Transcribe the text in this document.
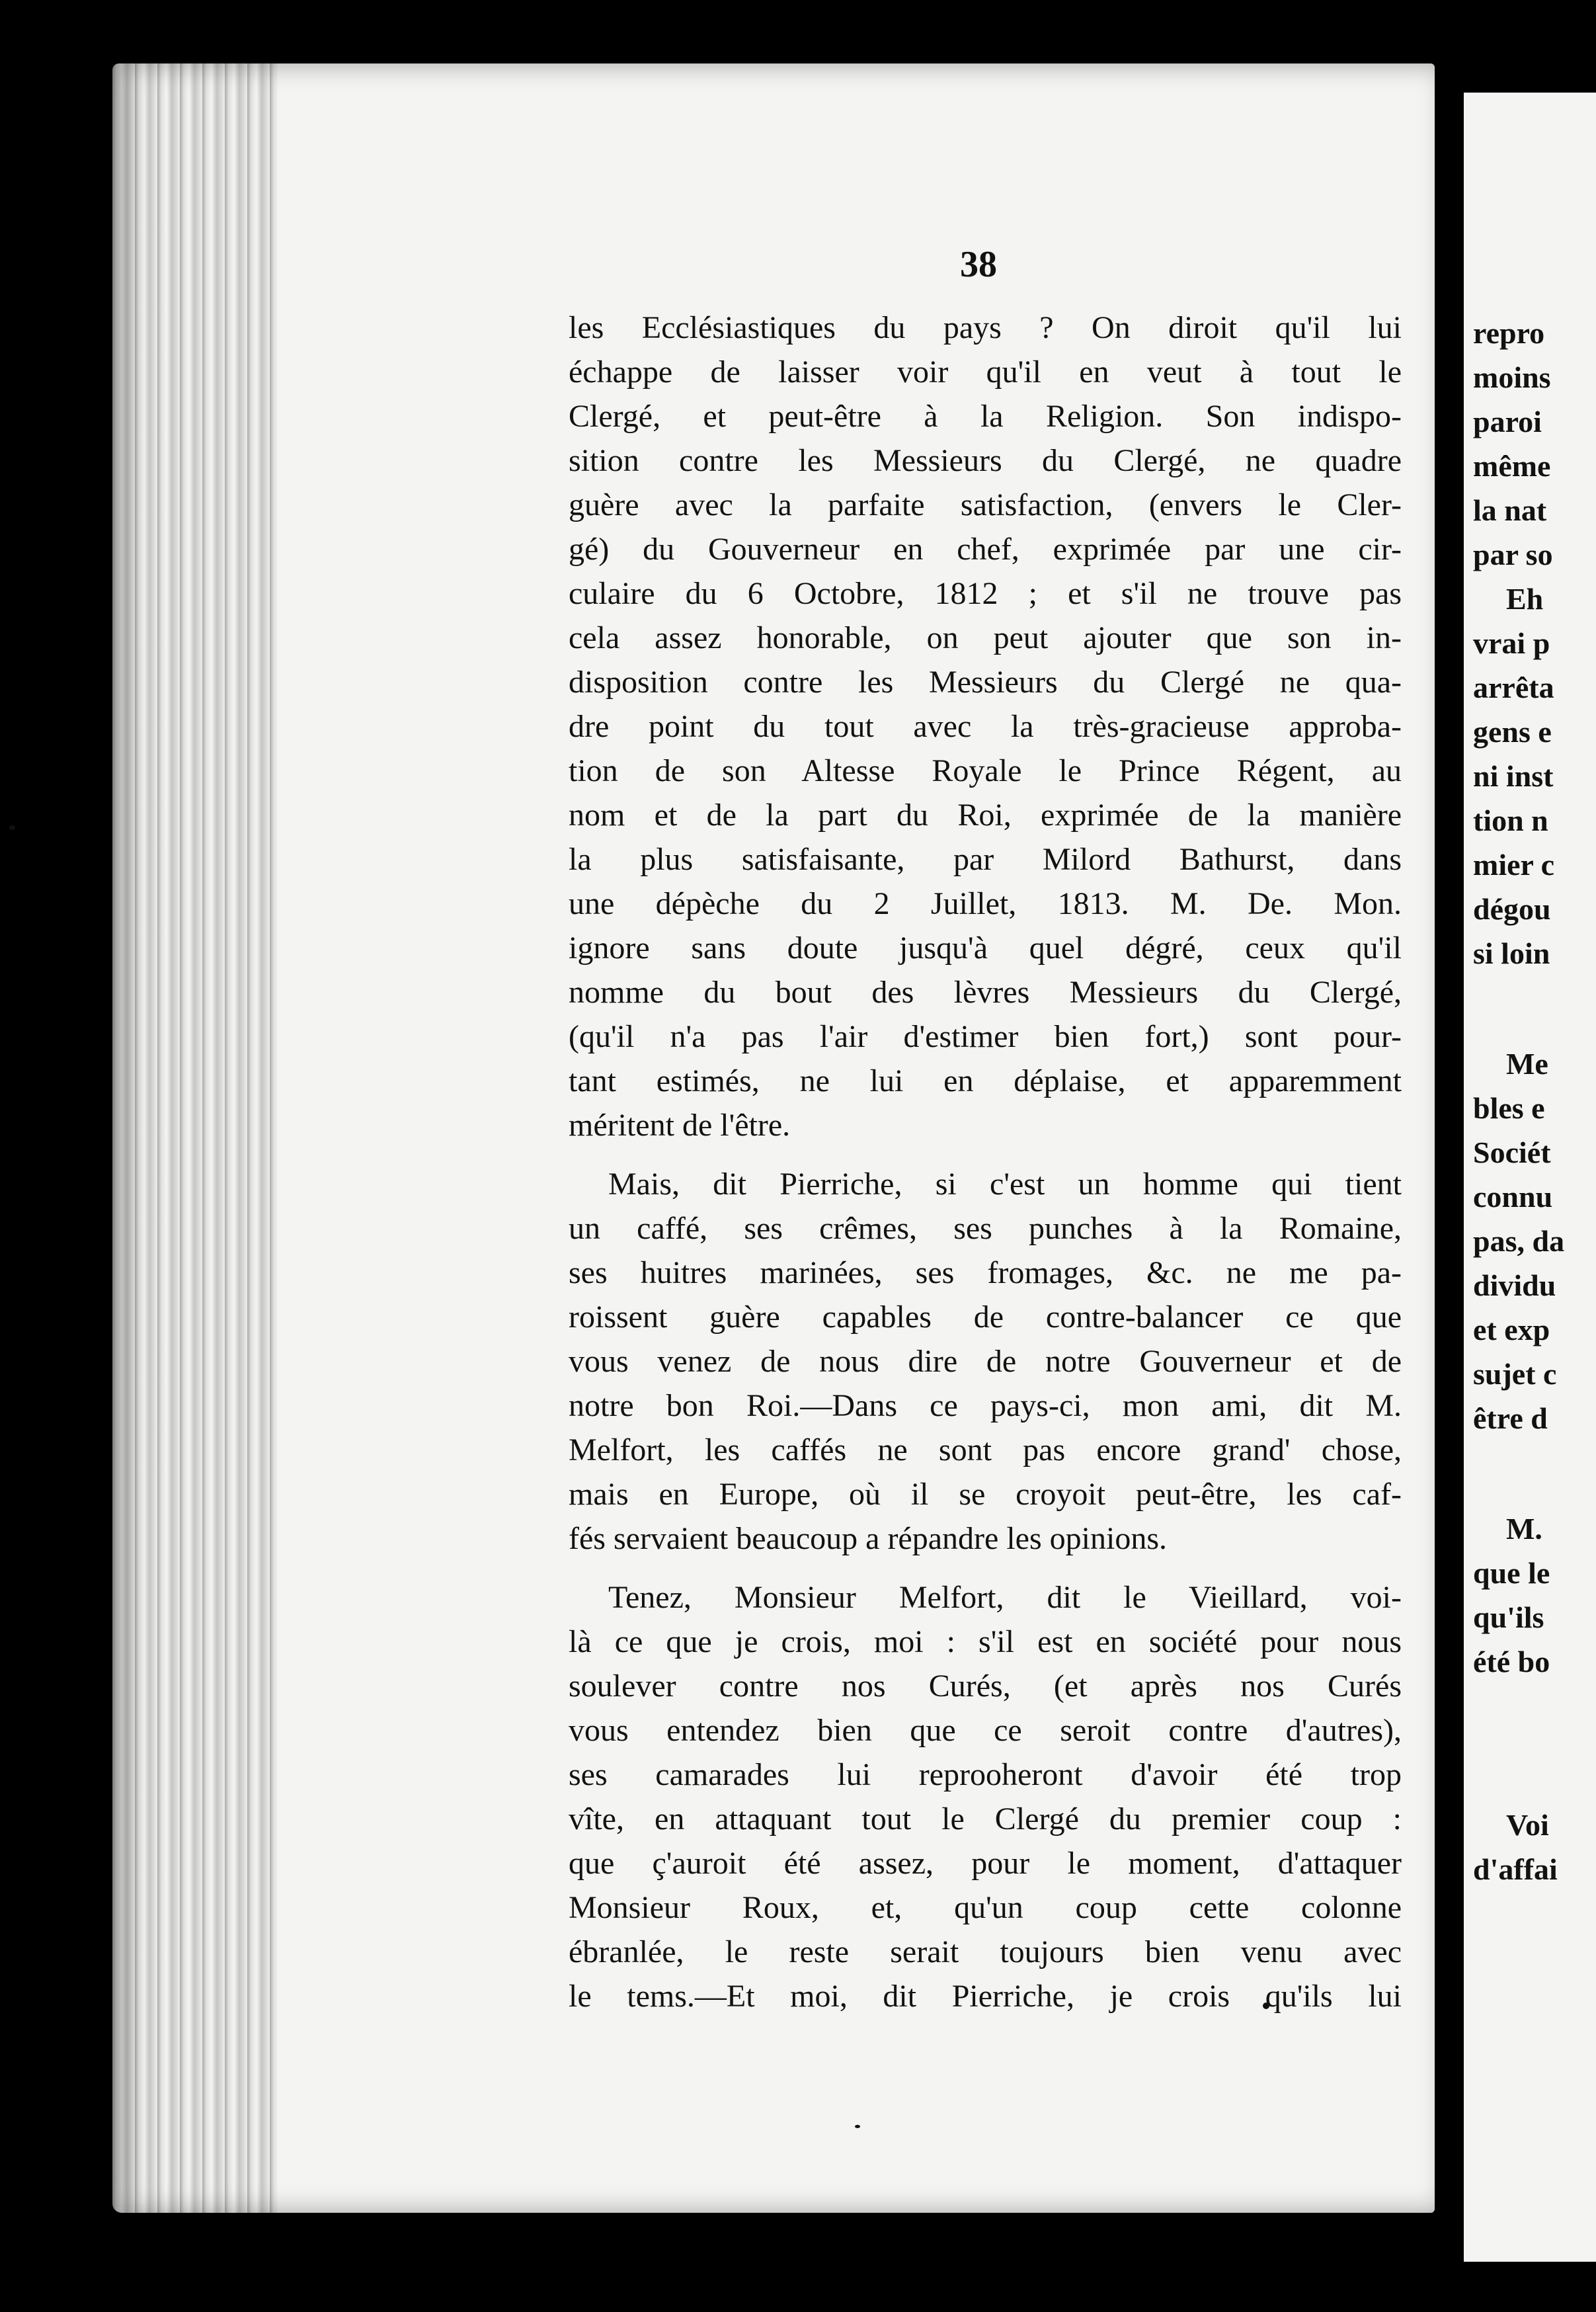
38
les Ecclésiastiques du pays ? On diroit qu'il lui
échappe de laisser voir qu'il en veut à tout le
Clergé, et peut-être à la Religion. Son indispo-
sition contre les Messieurs du Clergé, ne quadre
guère avec la parfaite satisfaction, (envers le Cler-
gé) du Gouverneur en chef, exprimée par une cir-
culaire du 6 Octobre, 1812 ; et s'il ne trouve pas
cela assez honorable, on peut ajouter que son in-
disposition contre les Messieurs du Clergé ne qua-
dre point du tout avec la très-gracieuse approba-
tion de son Altesse Royale le Prince Régent, au
nom et de la part du Roi, exprimée de la manière
la plus satisfaisante, par Milord Bathurst, dans
une dépèche du 2 Juillet, 1813. M. De. Mon.
ignore sans doute jusqu'à quel dégré, ceux qu'il
nomme du bout des lèvres Messieurs du Clergé,
(qu'il n'a pas l'air d'estimer bien fort,) sont pour-
tant estimés, ne lui en déplaise, et apparemment
méritent de l'être.
Mais, dit Pierriche, si c'est un homme qui tient
un caffé, ses crêmes, ses punches à la Romaine,
ses huitres marinées, ses fromages, &c. ne me pa-
roissent guère capables de contre-balancer ce que
vous venez de nous dire de notre Gouverneur et de
notre bon Roi.—Dans ce pays-ci, mon ami, dit M.
Melfort, les caffés ne sont pas encore grand' chose,
mais en Europe, où il se croyoit peut-être, les caf-
fés servaient beaucoup a répandre les opinions.
Tenez, Monsieur Melfort, dit le Vieillard, voi-
là ce que je crois, moi : s'il est en société pour nous
soulever contre nos Curés, (et après nos Curés
vous entendez bien que ce seroit contre d'autres),
ses camarades lui reprooheront d'avoir été trop
vîte, en attaquant tout le Clergé du premier coup :
que ç'auroit été assez, pour le moment, d'attaquer
Monsieur Roux, et, qu'un coup cette colonne
ébranlée, le reste serait toujours bien venu avec
le tems.—Et moi, dit Pierriche, je crois qu'ils lui
repro
moins
paroi
même
la nat
par so
Eh
vrai p
arrêta
gens e
ni inst
tion n
mier c
dégou
si loin
Me
bles e
Sociét
connu
pas, da
dividu
et exp
sujet c
être d
M.
que le
qu'ils
été bo
Voi
d'affai
